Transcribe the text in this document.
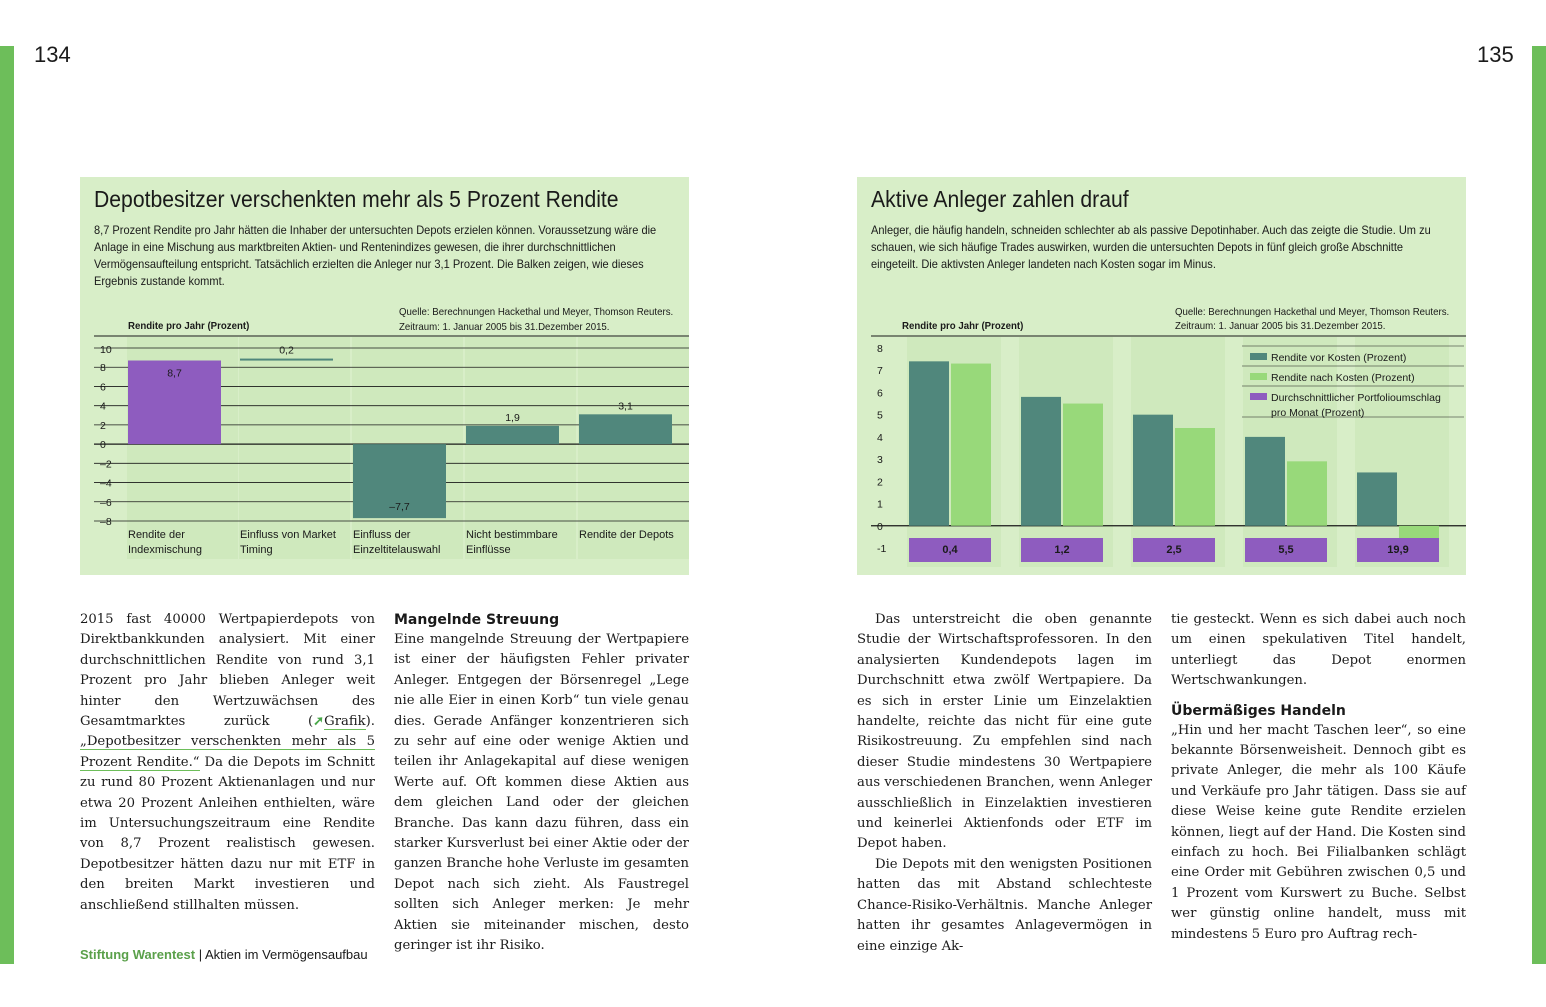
134	135
Depotbesitzer verschenkten mehr als 5 Prozent Rendite
8,7 Prozent Rendite pro Jahr hätten die Inhaber der untersuchten Depots erzielen können. Voraussetzung wäre die Anlage in eine Mischung aus marktbreiten Aktien- und Rentenindizes gewesen, die ihrer durchschnittlichen Vermögensaufteilung entspricht. Tatsächlich erzielten die Anleger nur 3,1 Prozent. Die Balken zeigen, wie dieses Ergebnis zustande kommt.
Quelle: Berechnungen Hackethal und Meyer, Thomson Reuters.
Zeitraum: 1. Januar 2005 bis 31.Dezember 2015.
Rendite pro Jahr (Prozent)
10
8
6
4
2
0
–2
–4
–6
–8
8,7
0,2
–7,7
1,9
3,1
Rendite der
Indexmischung
Einfluss von Market
Timing
Einfluss der
Einzeltitelauswahl
Nicht bestimmbare
Einflüsse
Rendite der Depots
Aktive Anleger zahlen drauf
Anleger, die häufig handeln, schneiden schlechter ab als passive Depotinhaber. Auch das zeigte die Studie. Um zu schauen, wie sich häufige Trades auswirken, wurden die untersuchten Depots in fünf gleich große Abschnitte eingeteilt. Die aktivsten Anleger landeten nach Kosten sogar im Minus.
Quelle: Berechnungen Hackethal und Meyer, Thomson Reuters.
Zeitraum: 1. Januar 2005 bis 31.Dezember 2015.
Rendite pro Jahr (Prozent)
8
7
6
5
4
3
2
1
0
-1	0,4	1,2	2,5	5,5	19,9
Rendite vor Kosten (Prozent)
Rendite nach Kosten (Prozent)
Durchschnittlicher Portfolioumschlag
pro Monat (Prozent)

2015 fast 40000 Wertpapierdepots von Direktbankkunden analysiert. Mit einer durchschnittlichen Rendite von rund 3,1 Prozent pro Jahr blieben Anleger weit hinter den Wertzuwächsen des Gesamtmarktes zurück (➚Grafik). „Depotbesitzer verschenkten mehr als 5 Prozent Rendite.“ Da die Depots im Schnitt zu rund 80 Prozent Aktienanlagen und nur etwa 20 Prozent Anleihen enthielten, wäre im Untersuchungszeitraum eine Rendite von 8,7 Prozent realistisch gewesen. Depotbesitzer hätten dazu nur mit ETF in den breiten Markt investieren und anschließend stillhalten müssen.

Mangelnde Streuung

Eine mangelnde Streuung der Wertpapiere ist einer der häufigsten Fehler privater Anleger. Entgegen der Börsenregel „Lege nie alle Eier in einen Korb“ tun viele genau dies. Gerade Anfänger konzentrieren sich zu sehr auf eine oder wenige Aktien und teilen ihr Anlagekapital auf diese wenigen Werte auf. Oft kommen diese Aktien aus dem gleichen Land oder der gleichen Branche. Das kann dazu führen, dass ein starker Kursverlust bei einer Aktie oder der ganzen Branche hohe Verluste im gesamten Depot nach sich zieht. Als Faustregel sollten sich Anleger merken: Je mehr Aktien sie miteinander mischen, desto geringer ist ihr Risiko.

Das unterstreicht die oben genannte Studie der Wirtschaftsprofessoren. In den analysierten Kundendepots lagen im Durchschnitt etwa zwölf Wertpapiere. Da es sich in erster Linie um Einzelaktien handelte, reichte das nicht für eine gute Risikostreuung. Zu empfehlen sind nach dieser Studie mindestens 30 Wertpapiere aus verschiedenen Branchen, wenn Anleger ausschließlich in Einzelaktien investieren und keinerlei Aktienfonds oder ETF im Depot haben.

Die Depots mit den wenigsten Positionen hatten das mit Abstand schlechteste Chance-Risiko-Verhältnis. Manche Anleger hatten ihr gesamtes Anlagevermögen in eine einzige Ak-

tie gesteckt. Wenn es sich dabei auch noch um einen spekulativen Titel handelt, unterliegt das Depot enormen Wertschwankungen.

Übermäßiges Handeln

„Hin und her macht Taschen leer“, so eine bekannte Börsenweisheit. Dennoch gibt es private Anleger, die mehr als 100 Käufe und Verkäufe pro Jahr tätigen. Dass sie auf diese Weise keine gute Rendite erzielen können, liegt auf der Hand. Die Kosten sind einfach zu hoch. Bei Filialbanken schlägt eine Order mit Gebühren zwischen 0,5 und 1 Prozent vom Kurswert zu Buche. Selbst wer günstig online handelt, muss mit mindestens 5 Euro pro Auftrag rech-

Stiftung Warentest | Aktien im Vermögensaufbau
